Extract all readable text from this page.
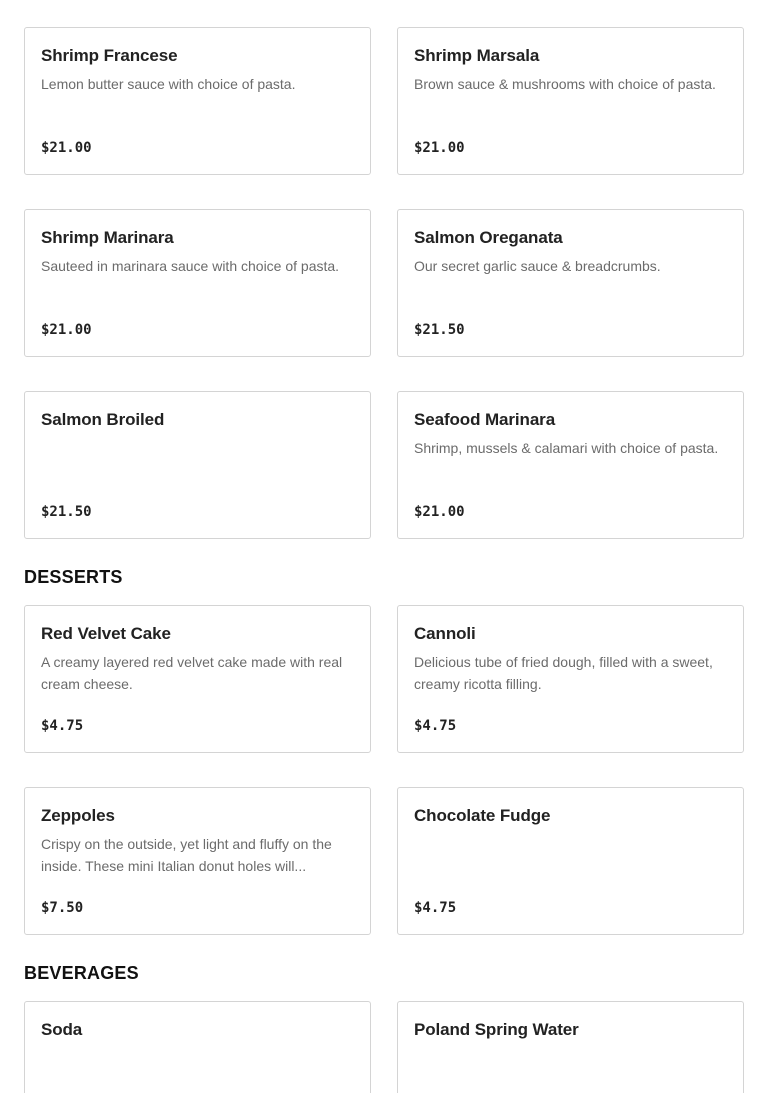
Shrimp Francese
Lemon butter sauce with choice of pasta.
$21.00
Shrimp Marsala
Brown sauce & mushrooms with choice of pasta.
$21.00
Shrimp Marinara
Sauteed in marinara sauce with choice of pasta.
$21.00
Salmon Oreganata
Our secret garlic sauce & breadcrumbs.
$21.50
Salmon Broiled
$21.50
Seafood Marinara
Shrimp, mussels & calamari with choice of pasta.
$21.00
DESSERTS
Red Velvet Cake
A creamy layered red velvet cake made with real cream cheese.
$4.75
Cannoli
Delicious tube of fried dough, filled with a sweet, creamy ricotta filling.
$4.75
Zeppoles
Crispy on the outside, yet light and fluffy on the inside. These mini Italian donut holes will...
$7.50
Chocolate Fudge
$4.75
BEVERAGES
Soda	Poland Spring Water
